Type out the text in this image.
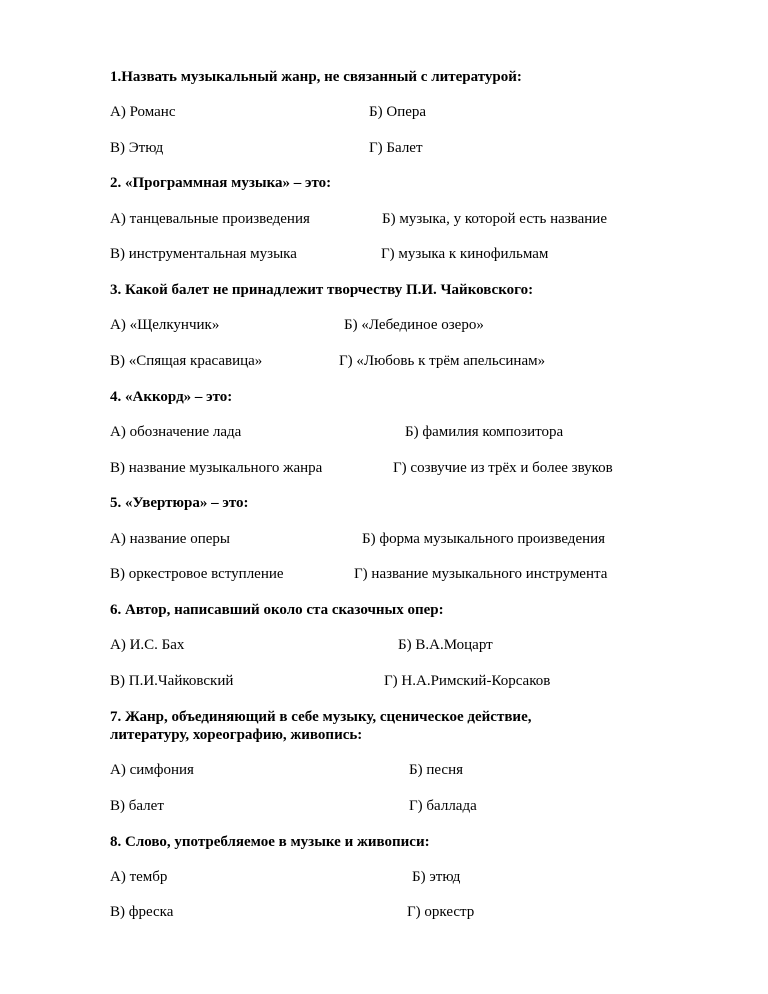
1.Назвать музыкальный жанр, не связанный с литературой:
А) Романс	Б) Опера
В) Этюд	Г) Балет
2. «Программная музыка» – это:
А) танцевальные произведения	Б) музыка, у которой есть название
В) инструментальная музыка	Г) музыка к кинофильмам
3. Какой балет не принадлежит творчеству П.И. Чайковского:
А) «Щелкунчик»	Б) «Лебединое озеро»
В) «Спящая красавица»	Г) «Любовь к трём апельсинам»
4. «Аккорд» – это:
А) обозначение лада	Б) фамилия композитора
В) название музыкального жанра	Г) созвучие из трёх и более звуков
5. «Увертюра» – это:
А) название оперы	Б) форма музыкального произведения
В) оркестровое вступление	Г) название музыкального инструмента
6. Автор, написавший около ста сказочных опер:
А) И.С. Бах	Б) В.А.Моцарт
В) П.И.Чайковский	Г) Н.А.Римский-Корсаков
7. Жанр, объединяющий в себе музыку, сценическое действие,
литературу, хореографию, живопись:
А) симфония	Б) песня
В) балет	Г) баллада
8. Слово, употребляемое в музыке и живописи:
А) тембр	Б) этюд
В) фреска	Г) оркестр
